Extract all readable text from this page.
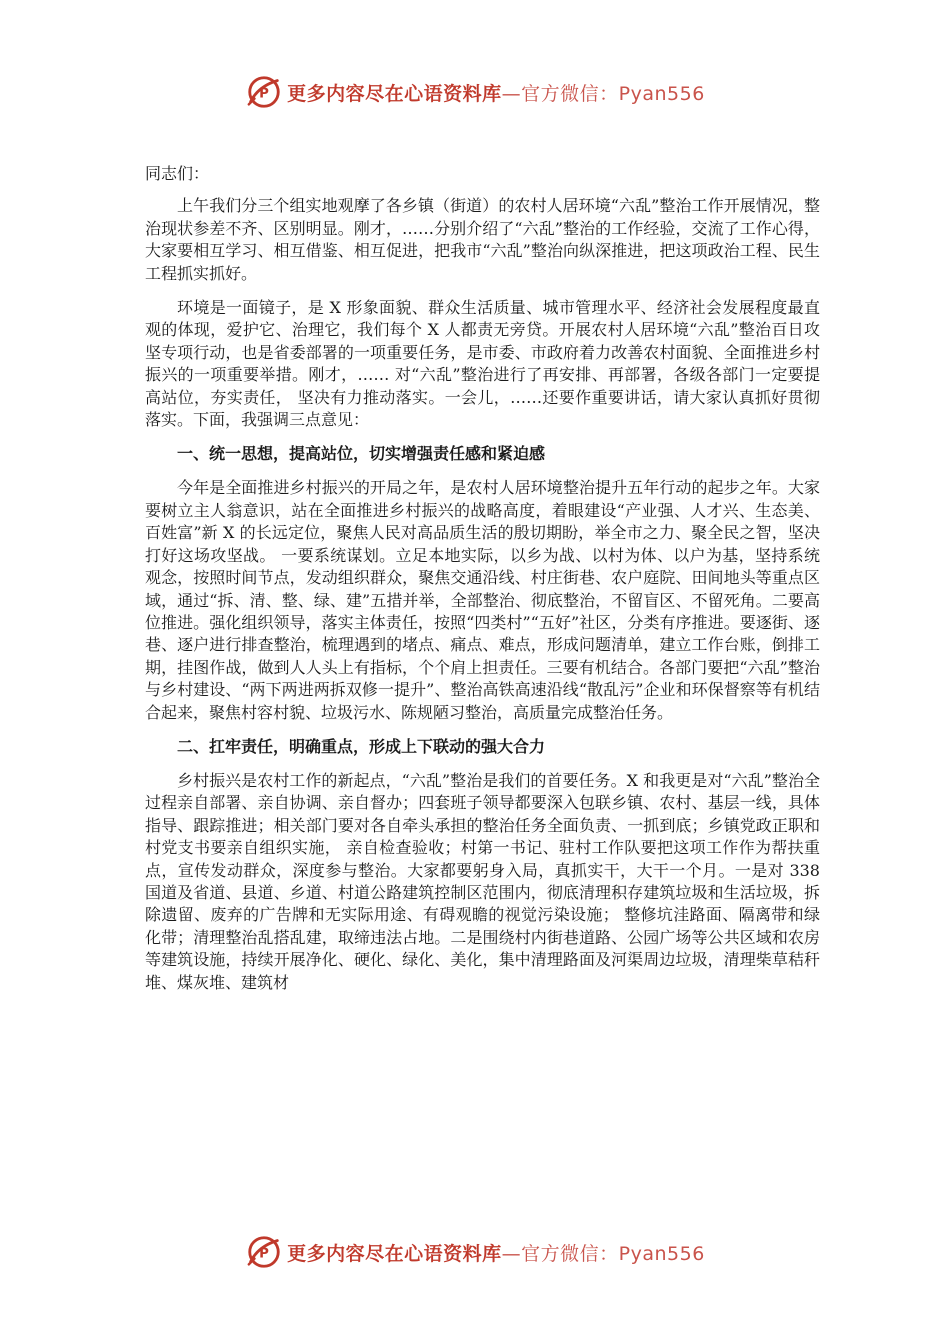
P 更多内容尽在心语资料库—官方微信：Pyan556

同志们：

上午我们分三个组实地观摩了各乡镇（街道）的农村人居环境“六乱”整治工作开展情况，整治现状参差不齐、区别明显。刚才，……分别介绍了“六乱”整治的工作经验，交流了工作心得，大家要相互学习、相互借鉴、相互促进，把我市“六乱”整治向纵深推进，把这项政治工程、民生工程抓实抓好。

环境是一面镜子，是 X 形象面貌、群众生活质量、城市管理水平、经济社会发展程度最直观的体现，爱护它、治理它，我们每个 X 人都责无旁贷。开展农村人居环境“六乱”整治百日攻坚专项行动，也是省委部署的一项重要任务，是市委、市政府着力改善农村面貌、全面推进乡村振兴的一项重要举措。刚才，…… 对“六乱”整治进行了再安排、再部署，各级各部门一定要提高站位，夯实责任， 坚决有力推动落实。一会儿，……还要作重要讲话，请大家认真抓好贯彻落实。下面，我强调三点意见：

一、统一思想，提高站位，切实增强责任感和紧迫感

今年是全面推进乡村振兴的开局之年，是农村人居环境整治提升五年行动的起步之年。大家要树立主人翁意识，站在全面推进乡村振兴的战略高度，着眼建设“产业强、人才兴、生态美、百姓富”新 X 的长远定位，聚焦人民对高品质生活的殷切期盼，举全市之力、聚全民之智，坚决打好这场攻坚战。 一要系统谋划。立足本地实际，以乡为战、以村为体、以户为基，坚持系统观念，按照时间节点，发动组织群众，聚焦交通沿线、村庄街巷、农户庭院、田间地头等重点区域，通过“拆、清、整、绿、建”五措并举，全部整治、彻底整治，不留盲区、不留死角。二要高位推进。强化组织领导，落实主体责任，按照“四类村”“五好”社区，分类有序推进。要逐街、逐巷、逐户进行排查整治，梳理遇到的堵点、痛点、难点，形成问题清单，建立工作台账，倒排工期，挂图作战，做到人人头上有指标，个个肩上担责任。三要有机结合。各部门要把“六乱”整治与乡村建设、“两下两进两拆双修一提升”、整治高铁高速沿线“散乱污”企业和环保督察等有机结合起来，聚焦村容村貌、垃圾污水、陈规陋习整治，高质量完成整治任务。

二、扛牢责任，明确重点，形成上下联动的强大合力

乡村振兴是农村工作的新起点，“六乱”整治是我们的首要任务。X 和我更是对“六乱”整治全过程亲自部署、亲自协调、亲自督办；四套班子领导都要深入包联乡镇、农村、基层一线，具体指导、跟踪推进；相关部门要对各自牵头承担的整治任务全面负责、一抓到底；乡镇党政正职和村党支书要亲自组织实施， 亲自检查验收；村第一书记、驻村工作队要把这项工作作为帮扶重点，宣传发动群众，深度参与整治。大家都要躬身入局，真抓实干，大干一个月。一是对 338 国道及省道、县道、乡道、村道公路建筑控制区范围内，彻底清理积存建筑垃圾和生活垃圾，拆除遗留、废弃的广告牌和无实际用途、有碍观瞻的视觉污染设施； 整修坑洼路面、隔离带和绿化带；清理整治乱搭乱建，取缔违法占地。二是围绕村内街巷道路、公园广场等公共区域和农房等建筑设施，持续开展净化、硬化、绿化、美化，集中清理路面及河渠周边垃圾，清理柴草秸秆堆、煤灰堆、建筑材

P 更多内容尽在心语资料库—官方微信：Pyan556
